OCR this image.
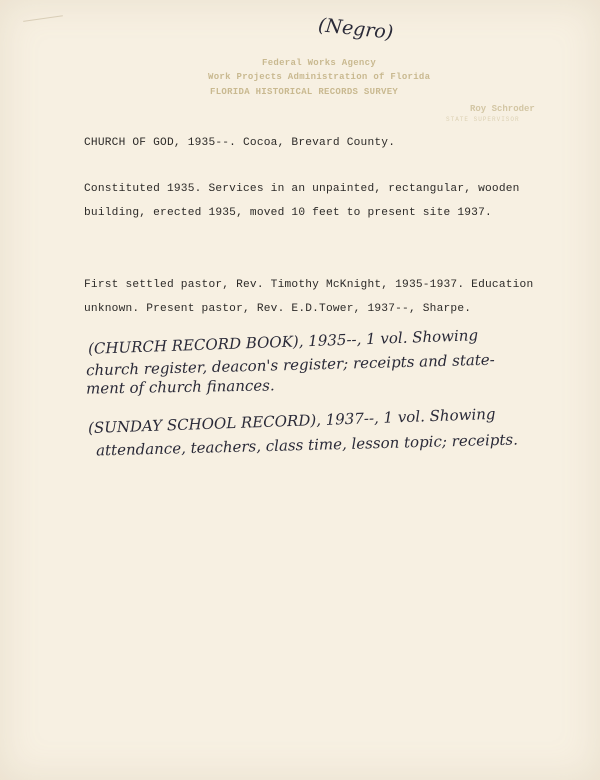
(Negro)
Federal Works Agency
Work Projects Administration of Florida
FLORIDA HISTORICAL RECORDS SURVEY
Roy Schroder
STATE SUPERVISOR
CHURCH OF GOD, 1935--. Cocoa, Brevard County.
Constituted 1935. Services in an unpainted, rectangular, wooden
building, erected 1935, moved 10 feet to present site 1937.
First settled pastor, Rev. Timothy McKnight, 1935-1937. Education
unknown. Present pastor, Rev. E.D.Tower, 1937--, Sharpe.
(CHURCH RECORD BOOK), 1935--, 1 vol. Showing
church register, deacon's register; receipts and state-
ment of church finances.
(SUNDAY SCHOOL RECORD), 1937--, 1 vol. Showing
attendance, teachers, class time, lesson topic; receipts.
